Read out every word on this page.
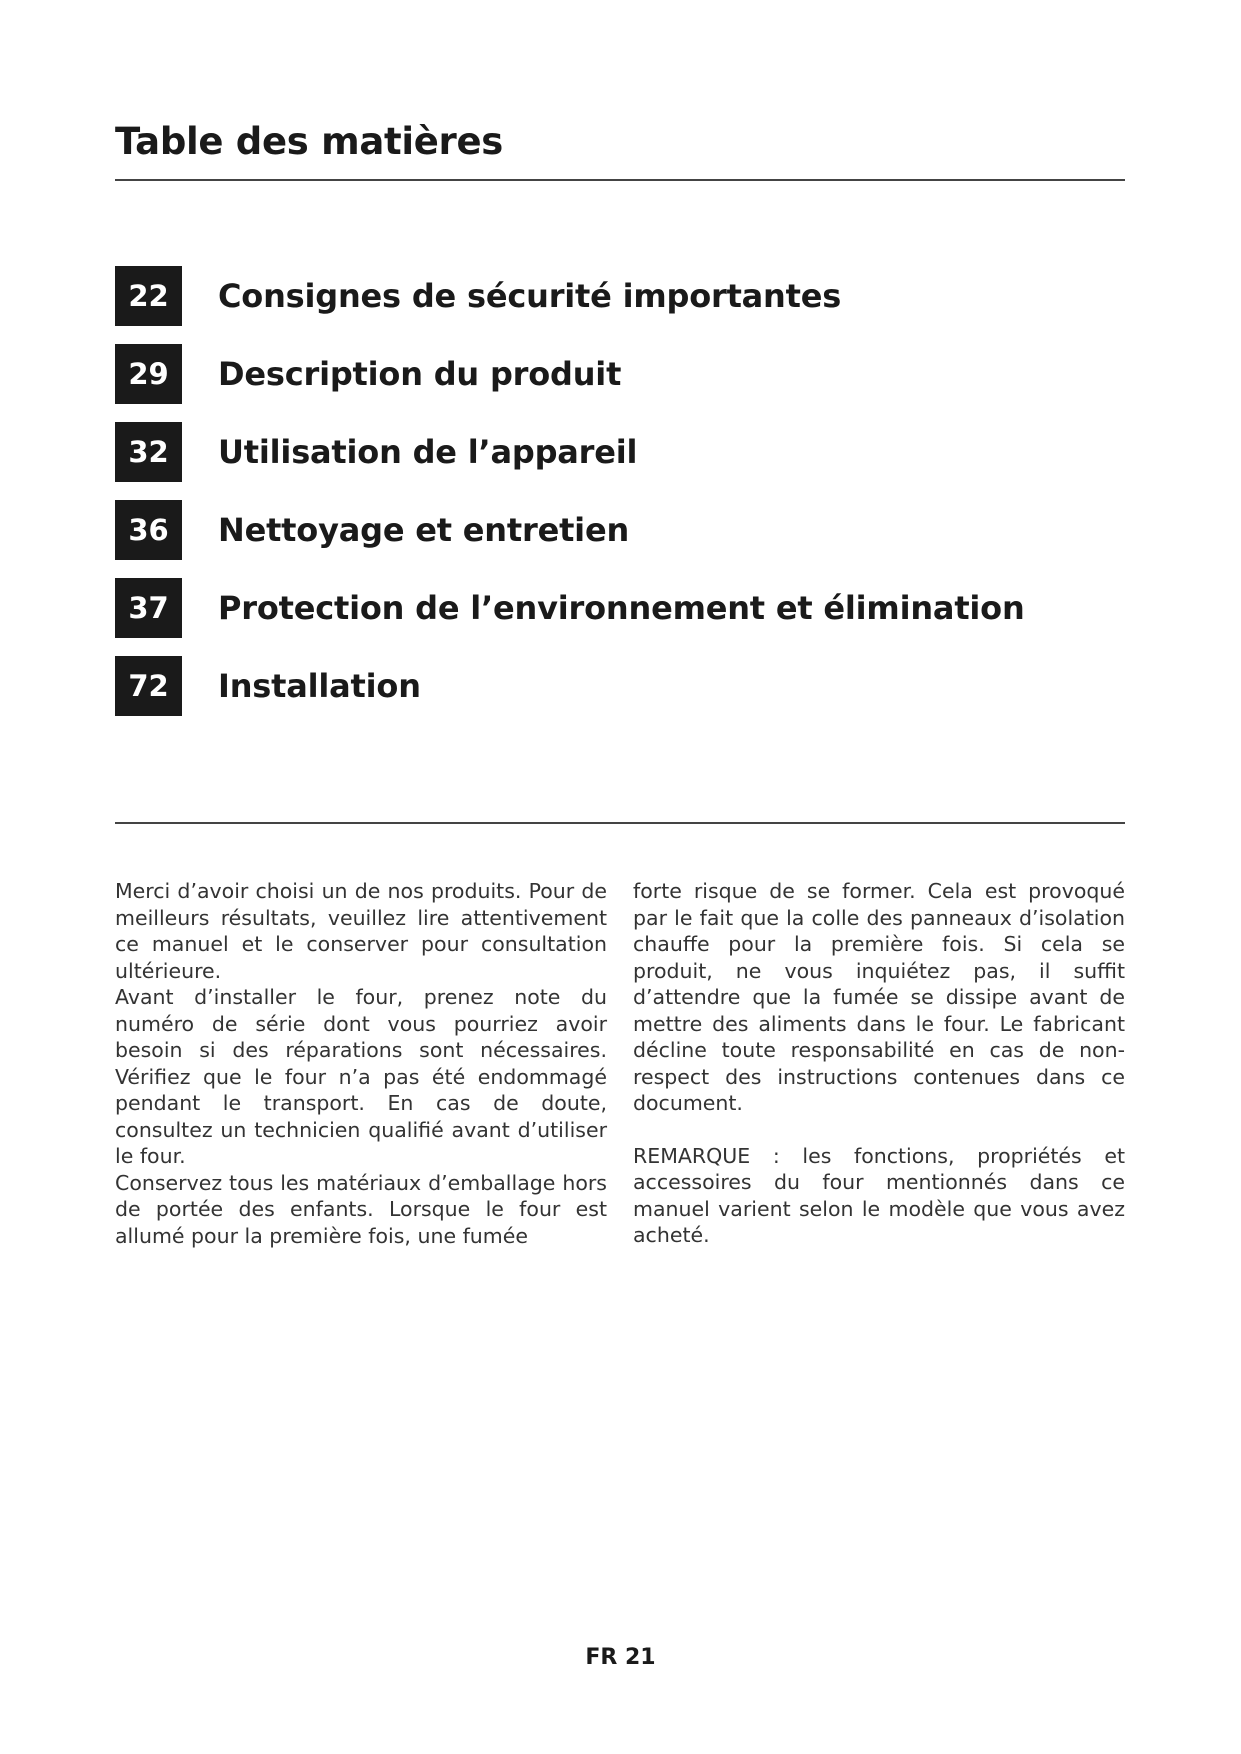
Table des matières
22	Consignes de sécurité importantes
29	Description du produit
32	Utilisation de l’appareil
36	Nettoyage et entretien
37	Protection de l’environnement et élimination
72	Installation

Merci d’avoir choisi un de nos produits. Pour de meilleurs résultats, veuillez lire attentivement ce manuel et le conserver pour consultation ultérieure.

Avant d’installer le four, prenez note du numéro de série dont vous pourriez avoir besoin si des réparations sont nécessaires. Vérifiez que le four n’a pas été endommagé pendant le transport. En cas de doute, consultez un technicien qualifié avant d’utiliser le four.

Conservez tous les matériaux d’emballage hors de portée des enfants. Lorsque le four est allumé pour la première fois, une fumée

forte risque de se former. Cela est provoqué par le fait que la colle des panneaux d’isolation chauffe pour la première fois. Si cela se produit, ne vous inquiétez pas, il suffit d’attendre que la fumée se dissipe avant de mettre des aliments dans le four. Le fabricant décline toute responsabilité en cas de non-respect des instructions contenues dans ce document.

REMARQUE : les fonctions, propriétés et accessoires du four mentionnés dans ce manuel varient selon le modèle que vous avez acheté.

FR 21
